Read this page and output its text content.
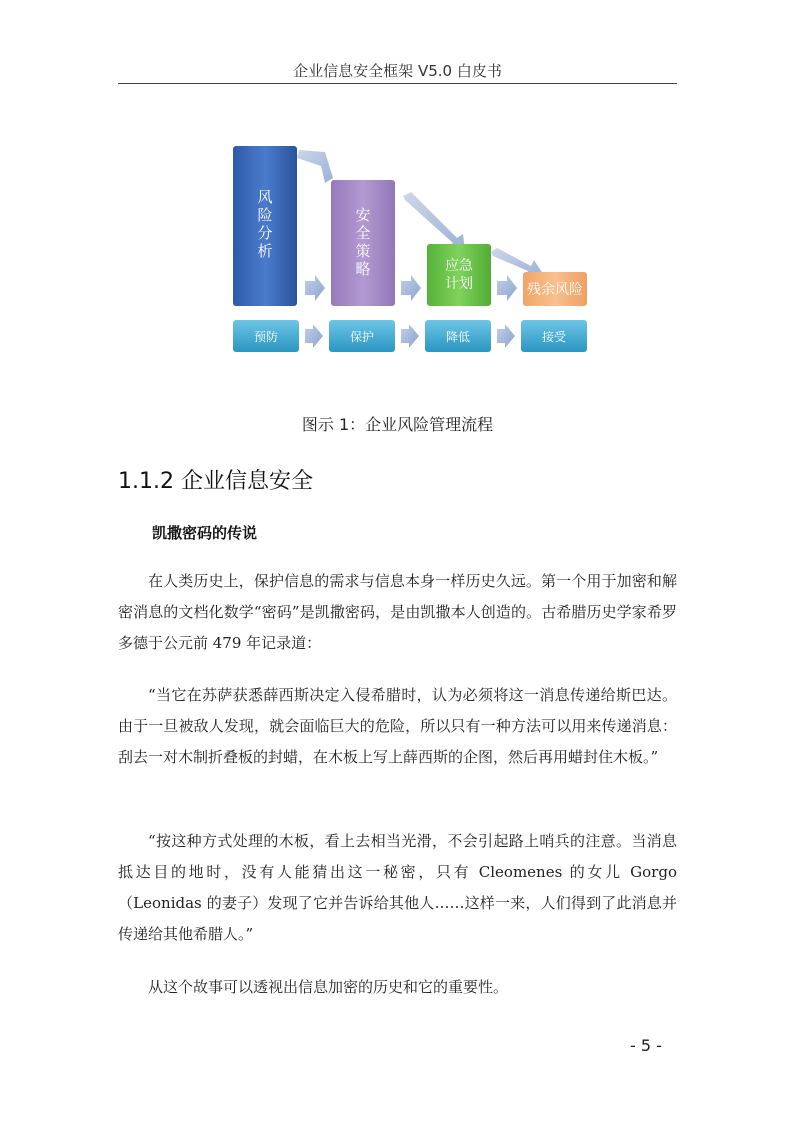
企业信息安全框架 V5.0 白皮书
风险分析
安全策略	应急计划	残余风险
预防	保护	降低	接受
图示 1：企业风险管理流程
1.1.2 企业信息安全
凯撒密码的传说

在人类历史上，保护信息的需求与信息本身一样历史久远。第一个用于加密和解密消息的文档化数学“密码”是凯撒密码，是由凯撒本人创造的。古希腊历史学家希罗多德于公元前 479 年记录道：

“当它在苏萨获悉薛西斯决定入侵希腊时，认为必须将这一消息传递给斯巴达。由于一旦被敌人发现，就会面临巨大的危险，所以只有一种方法可以用来传递消息：刮去一对木制折叠板的封蜡，在木板上写上薛西斯的企图，然后再用蜡封住木板。”

“按这种方式处理的木板，看上去相当光滑，不会引起路上哨兵的注意。当消息抵达目的地时，没有人能猜出这一秘密，只有 Cleomenes 的女儿 Gorgo（Leonidas 的妻子）发现了它并告诉给其他人……这样一来，人们得到了此消息并传递给其他希腊人。”

从这个故事可以透视出信息加密的历史和它的重要性。

- 5 -
